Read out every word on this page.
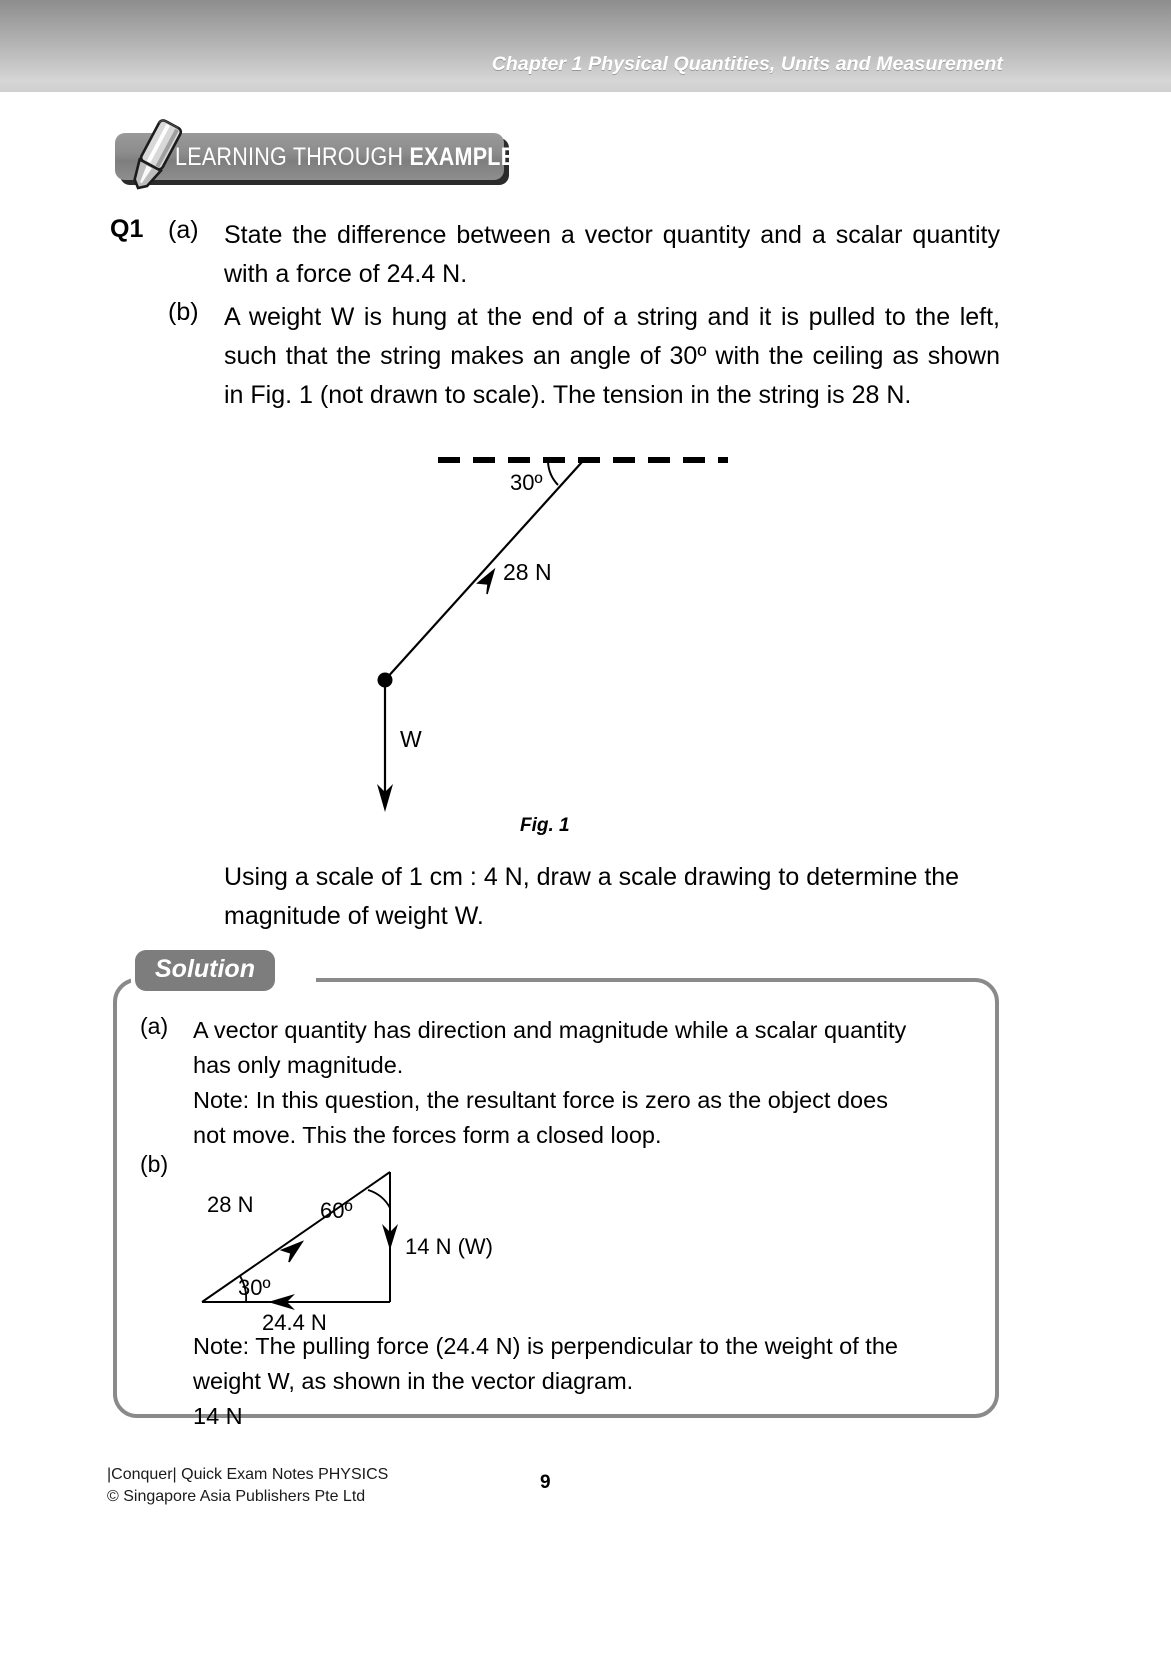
Chapter 1 Physical Quantities, Units and Measurement
LEARNING THROUGH EXAMPLES
Q1 (a) State the difference between a vector quantity and a scalar quantity with a force of 24.4 N.
(b) A weight W is hung at the end of a string and it is pulled to the left, such that the string makes an angle of 30º with the ceiling as shown in Fig. 1 (not drawn to scale). The tension in the string is 28 N.
30º
28 N
W
Fig. 1
Using a scale of 1 cm : 4 N, draw a scale drawing to determine the magnitude of weight W.
Solution
(a) A vector quantity has direction and magnitude while a scalar quantity
has only magnitude.
Note: In this question, the resultant force is zero as the object does
not move. This the forces form a closed loop.
(b)
28 N	60º
14 N (W)
30º
24.4 N
Note: The pulling force (24.4 N) is perpendicular to the weight of the
weight W, as shown in the vector diagram.
14 N
|Conquer| Quick Exam Notes PHYSICS
© Singapore Asia Publishers Pte Ltd
9
